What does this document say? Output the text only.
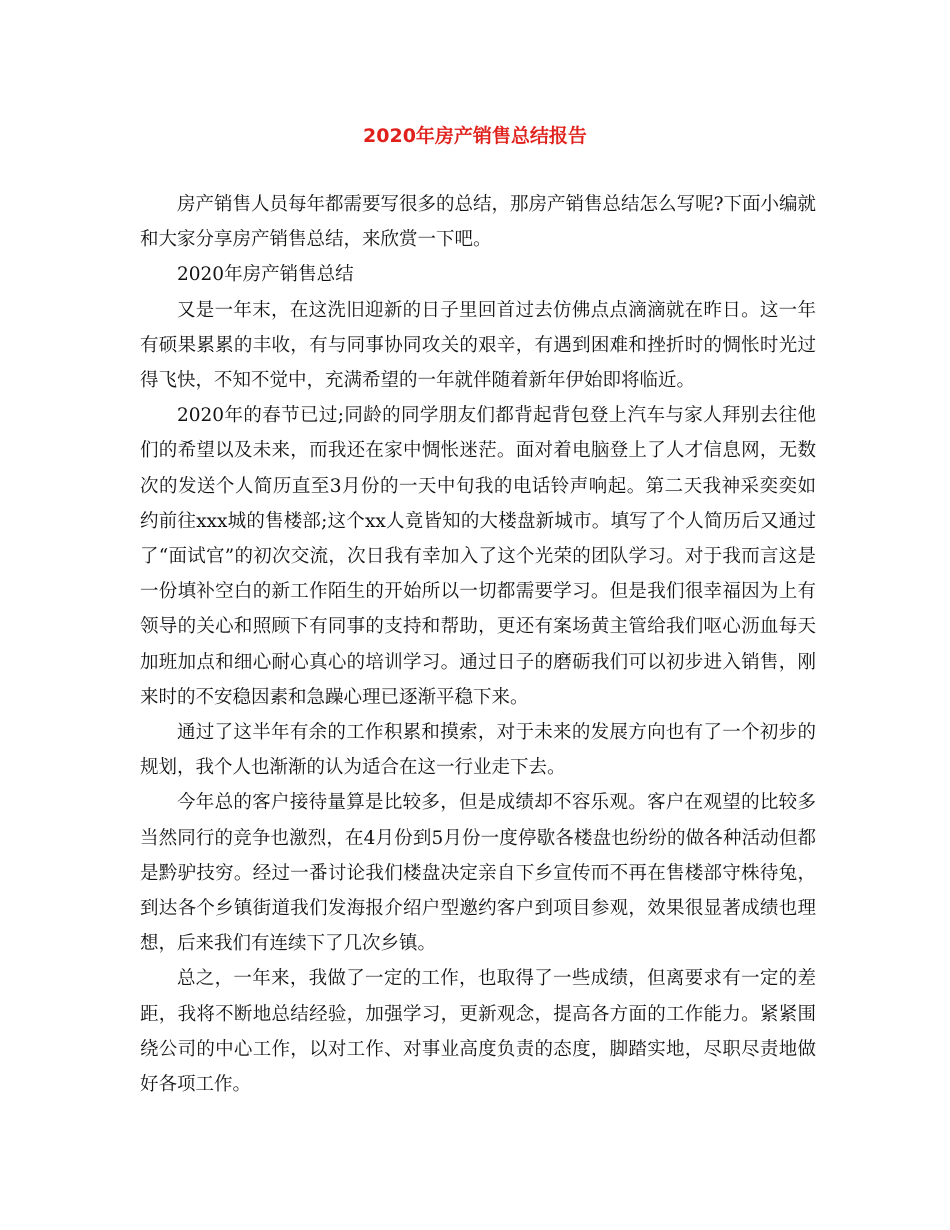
2020年房产销售总结报告

房产销售人员每年都需要写很多的总结，那房产销售总结怎么写呢?下面小编就和大家分享房产销售总结，来欣赏一下吧。

2020年房产销售总结

又是一年末，在这洗旧迎新的日子里回首过去仿佛点点滴滴就在昨日。这一年有硕果累累的丰收，有与同事协同攻关的艰辛，有遇到困难和挫折时的惆怅时光过得飞快，不知不觉中，充满希望的一年就伴随着新年伊始即将临近。

2020年的春节已过;同龄的同学朋友们都背起背包登上汽车与家人拜别去往他们的希望以及未来，而我还在家中惆怅迷茫。面对着电脑登上了人才信息网，无数次的发送个人简历直至3月份的一天中旬我的电话铃声响起。第二天我神采奕奕如约前往xxx城的售楼部;这个xx人竟皆知的大楼盘新城市。填写了个人简历后又通过了“面试官”的初次交流，次日我有幸加入了这个光荣的团队学习。对于我而言这是一份填补空白的新工作陌生的开始所以一切都需要学习。但是我们很幸福因为上有领导的关心和照顾下有同事的支持和帮助，更还有案场黄主管给我们呕心沥血每天加班加点和细心耐心真心的培训学习。通过日子的磨砺我们可以初步进入销售，刚来时的不安稳因素和急躁心理已逐渐平稳下来。

通过了这半年有余的工作积累和摸索，对于未来的发展方向也有了一个初步的规划，我个人也渐渐的认为适合在这一行业走下去。

今年总的客户接待量算是比较多，但是成绩却不容乐观。客户在观望的比较多当然同行的竞争也激烈，在4月份到5月份一度停歇各楼盘也纷纷的做各种活动但都是黔驴技穷。经过一番讨论我们楼盘决定亲自下乡宣传而不再在售楼部守株待兔，到达各个乡镇街道我们发海报介绍户型邀约客户到项目参观，效果很显著成绩也理想，后来我们有连续下了几次乡镇。

总之，一年来，我做了一定的工作，也取得了一些成绩，但离要求有一定的差距，我将不断地总结经验，加强学习，更新观念，提高各方面的工作能力。紧紧围绕公司的中心工作，以对工作、对事业高度负责的态度，脚踏实地，尽职尽责地做好各项工作。
